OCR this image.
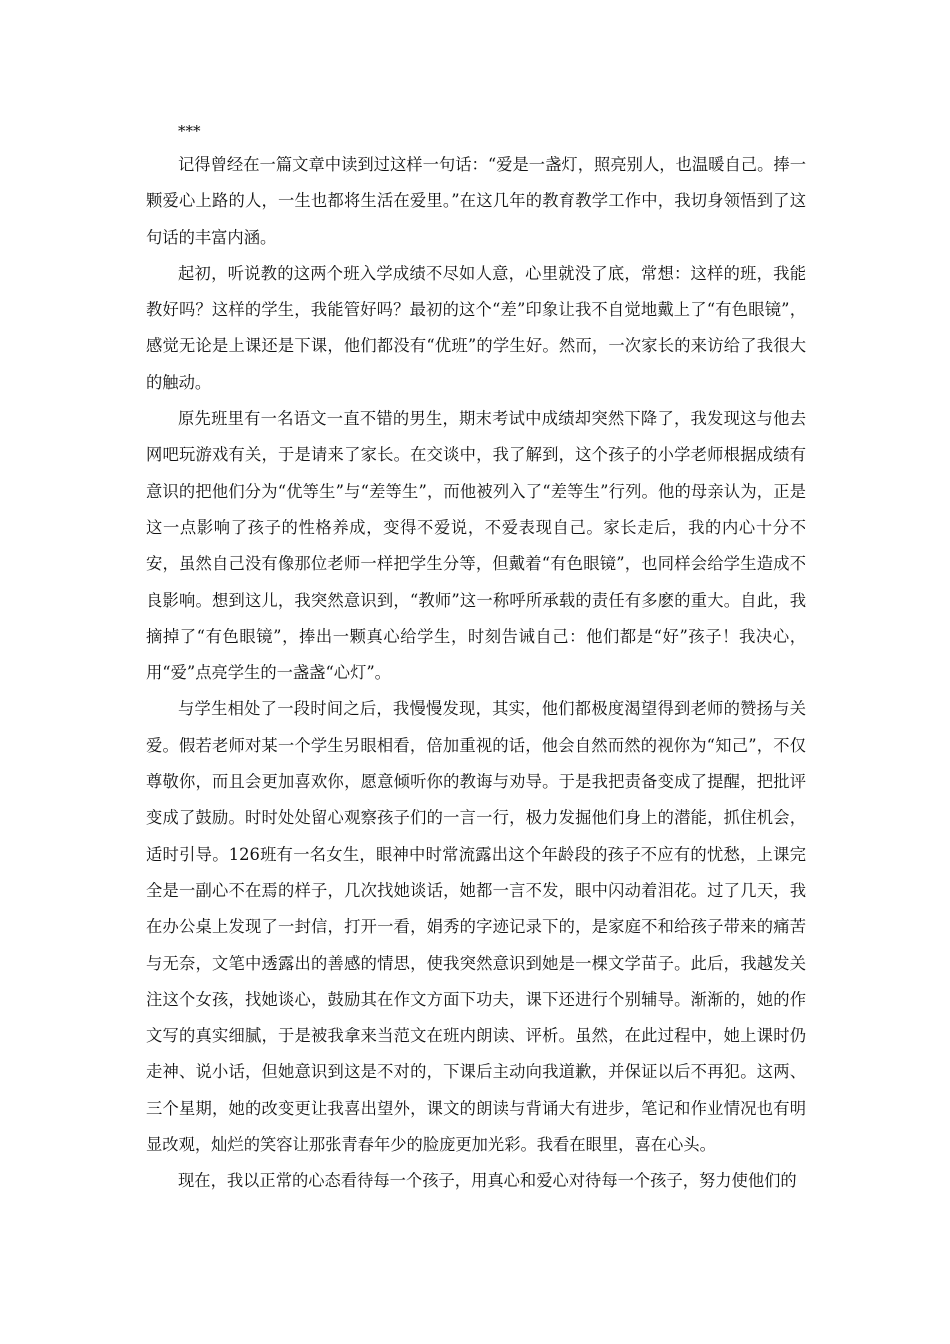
***

记得曾经在一篇文章中读到过这样一句话：“爱是一盏灯，照亮别人，也温暖自己。捧一颗爱心上路的人，一生也都将生活在爱里。”在这几年的教育教学工作中，我切身领悟到了这句话的丰富内涵。

起初，听说教的这两个班入学成绩不尽如人意，心里就没了底，常想：这样的班，我能教好吗？这样的学生，我能管好吗？最初的这个“差”印象让我不自觉地戴上了“有色眼镜”，感觉无论是上课还是下课，他们都没有“优班”的学生好。然而，一次家长的来访给了我很大的触动。

原先班里有一名语文一直不错的男生，期末考试中成绩却突然下降了，我发现这与他去网吧玩游戏有关，于是请来了家长。在交谈中，我了解到，这个孩子的小学老师根据成绩有意识的把他们分为“优等生”与“差等生”，而他被列入了“差等生”行列。他的母亲认为，正是这一点影响了孩子的性格养成，变得不爱说，不爱表现自己。家长走后，我的内心十分不安，虽然自己没有像那位老师一样把学生分等，但戴着“有色眼镜”，也同样会给学生造成不良影响。想到这儿，我突然意识到，“教师”这一称呼所承载的责任有多麽的重大。自此，我摘掉了“有色眼镜”，捧出一颗真心给学生，时刻告诫自己：他们都是“好”孩子！我决心，用“爱”点亮学生的一盏盏“心灯”。

与学生相处了一段时间之后，我慢慢发现，其实，他们都极度渴望得到老师的赞扬与关爱。假若老师对某一个学生另眼相看，倍加重视的话，他会自然而然的视你为“知己”，不仅尊敬你，而且会更加喜欢你，愿意倾听你的教诲与劝导。于是我把责备变成了提醒，把批评变成了鼓励。时时处处留心观察孩子们的一言一行，极力发掘他们身上的潜能，抓住机会，适时引导。126班有一名女生，眼神中时常流露出这个年龄段的孩子不应有的忧愁，上课完全是一副心不在焉的样子，几次找她谈话，她都一言不发，眼中闪动着泪花。过了几天，我在办公桌上发现了一封信，打开一看，娟秀的字迹记录下的，是家庭不和给孩子带来的痛苦与无奈，文笔中透露出的善感的情思，使我突然意识到她是一棵文学苗子。此后，我越发关注这个女孩，找她谈心，鼓励其在作文方面下功夫，课下还进行个别辅导。渐渐的，她的作文写的真实细腻，于是被我拿来当范文在班内朗读、评析。虽然，在此过程中，她上课时仍走神、说小话，但她意识到这是不对的，下课后主动向我道歉，并保证以后不再犯。这两、三个星期，她的改变更让我喜出望外，课文的朗读与背诵大有进步，笔记和作业情况也有明显改观，灿烂的笑容让那张青春年少的脸庞更加光彩。我看在眼里，喜在心头。

现在，我以正常的心态看待每一个孩子，用真心和爱心对待每一个孩子，努力使他们的
